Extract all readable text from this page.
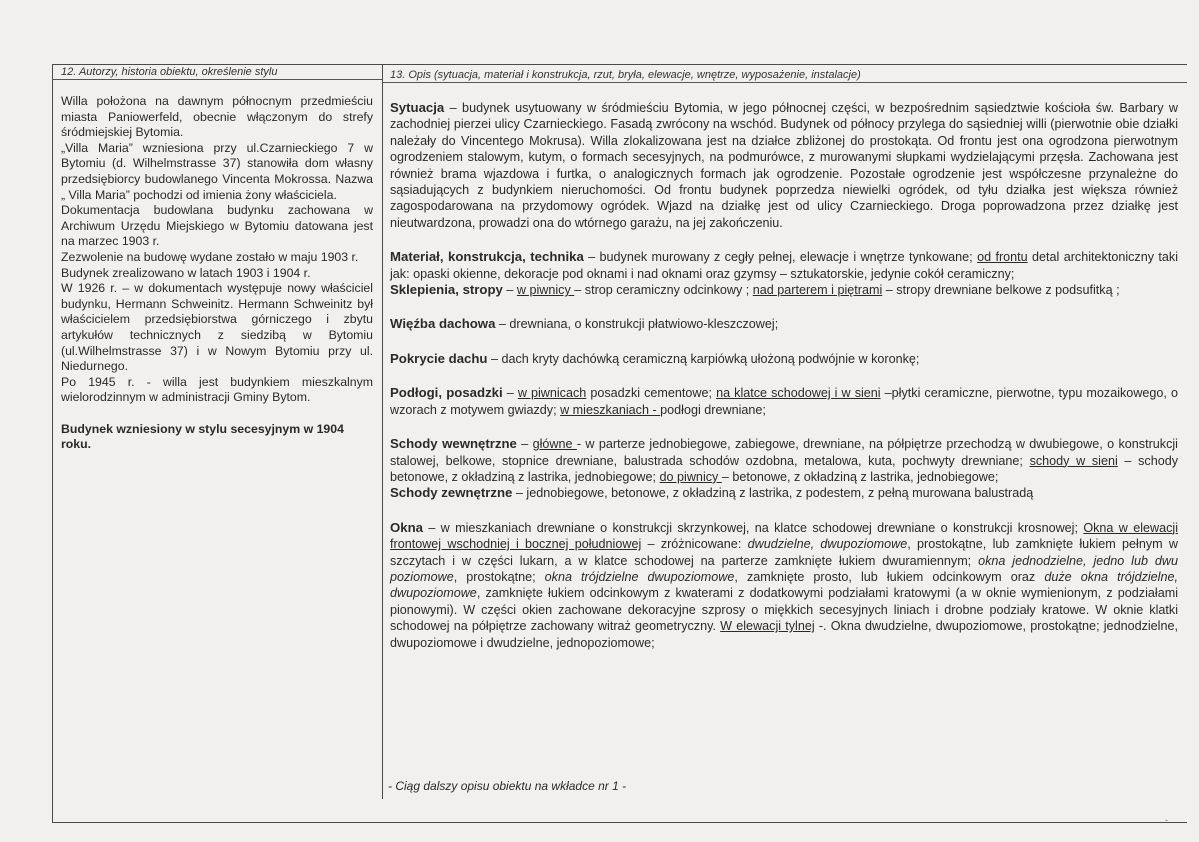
12. Autorzy, historia obiektu, określenie stylu	13. Opis (sytuacja, materiał i konstrukcja, rzut, bryła, elewacje, wnętrze, wyposażenie, instalacje)

Willa położona na dawnym północnym przedmieściu miasta Paniowerfeld, obecnie włączonym do strefy śródmiejskiej Bytomia.

„Villa Maria” wzniesiona przy ul.Czarnieckiego 7 w Bytomiu (d. Wilhelmstrasse 37) stanowiła dom własny przedsiębiorcy budowlanego Vincenta Mokrossa. Nazwa „ Villa Maria” pochodzi od imienia żony właściciela.

Dokumentacja budowlana budynku zachowana w Archiwum Urzędu Miejskiego w Bytomiu datowana jest na marzec 1903 r.

Zezwolenie na budowę wydane zostało w maju 1903 r.

Budynek zrealizowano w latach 1903 i 1904 r.

W 1926 r. – w dokumentach występuje nowy właściciel budynku, Hermann Schweinitz. Hermann Schweinitz był właścicielem przedsiębiorstwa górniczego i zbytu artykułów technicznych z siedzibą w Bytomiu (ul.Wilhelmstrasse 37) i w Nowym Bytomiu przy ul. Niedurnego.

Po 1945 r. - willa jest budynkiem mieszkalnym wielorodzinnym w administracji Gminy Bytom.

Budynek wzniesiony w stylu secesyjnym w 1904 roku.

Sytuacja – budynek usytuowany w śródmieściu Bytomia, w jego północnej części, w bezpośrednim sąsiedztwie kościoła św. Barbary w zachodniej pierzei ulicy Czarnieckiego. Fasadą zwrócony na wschód. Budynek od północy przylega do sąsiedniej willi (pierwotnie obie działki należały do Vincentego Mokrusa). Willa zlokalizowana jest na działce zbliżonej do prostokąta. Od frontu jest ona ogrodzona pierwotnym ogrodzeniem stalowym, kutym, o formach secesyjnych, na podmurówce, z murowanymi słupkami wydzielającymi przęsła. Zachowana jest również brama wjazdowa i furtka, o analogicznych formach jak ogrodzenie. Pozostałe ogrodzenie jest współczesne przynależne do sąsiadujących z budynkiem nieruchomości. Od frontu budynek poprzedza niewielki ogródek, od tyłu działka jest większa również zagospodarowana na przydomowy ogródek. Wjazd na działkę jest od ulicy Czarnieckiego. Droga poprowadzona przez działkę jest nieutwardzona, prowadzi ona do wtórnego garażu, na jej zakończeniu.

Materiał, konstrukcja, technika – budynek murowany z cegły pełnej, elewacje i wnętrze tynkowane; od frontu detal architektoniczny taki jak: opaski okienne, dekoracje pod oknami i nad oknami oraz gzymsy – sztukatorskie, jedynie cokół ceramiczny;

Sklepienia, stropy – w piwnicy – strop ceramiczny odcinkowy ; nad parterem i piętrami – stropy drewniane belkowe z podsufitką ;

Więźba dachowa – drewniana, o konstrukcji płatwiowo-kleszczowej;

Pokrycie dachu – dach kryty dachówką ceramiczną karpiówką ułożoną podwójnie w koronkę;

Podłogi, posadzki – w piwnicach posadzki cementowe; na klatce schodowej i w sieni –płytki ceramiczne, pierwotne, typu mozaikowego, o wzorach z motywem gwiazdy; w mieszkaniach - podłogi drewniane;

Schody wewnętrzne – główne - w parterze jednobiegowe, zabiegowe, drewniane, na półpiętrze przechodzą w dwubiegowe, o konstrukcji stalowej, belkowe, stopnice drewniane, balustrada schodów ozdobna, metalowa, kuta, pochwyty drewniane; schody w sieni – schody betonowe, z okładziną z lastrika, jednobiegowe; do piwnicy – betonowe, z okładziną z lastrika, jednobiegowe;

Schody zewnętrzne – jednobiegowe, betonowe, z okładziną z lastrika, z podestem, z pełną murowana balustradą

Okna – w mieszkaniach drewniane o konstrukcji skrzynkowej, na klatce schodowej drewniane o konstrukcji krosnowej; Okna w elewacji frontowej wschodniej i bocznej południowej – zróżnicowane: dwudzielne, dwupoziomowe, prostokątne, lub zamknięte łukiem pełnym w szczytach i w części lukarn, a w klatce schodowej na parterze zamknięte łukiem dwuramiennym; okna jednodzielne, jedno lub dwu poziomowe, prostokątne; okna trójdzielne dwupoziomowe, zamknięte prosto, lub łukiem odcinkowym oraz duże okna trójdzielne, dwupoziomowe, zamknięte łukiem odcinkowym z kwaterami z dodatkowymi podziałami kratowymi (a w oknie wymienionym, z podziałami pionowymi). W części okien zachowane dekoracyjne szprosy o miękkich secesyjnych liniach i drobne podziały kratowe. W oknie klatki schodowej na półpiętrze zachowany witraż geometryczny. W elewacji tylnej -. Okna dwudzielne, dwupoziomowe, prostokątne; jednodzielne, dwupoziomowe i dwudzielne, jednopoziomowe;

- Ciąg dalszy opisu obiektu na wkładce nr 1 -
-
